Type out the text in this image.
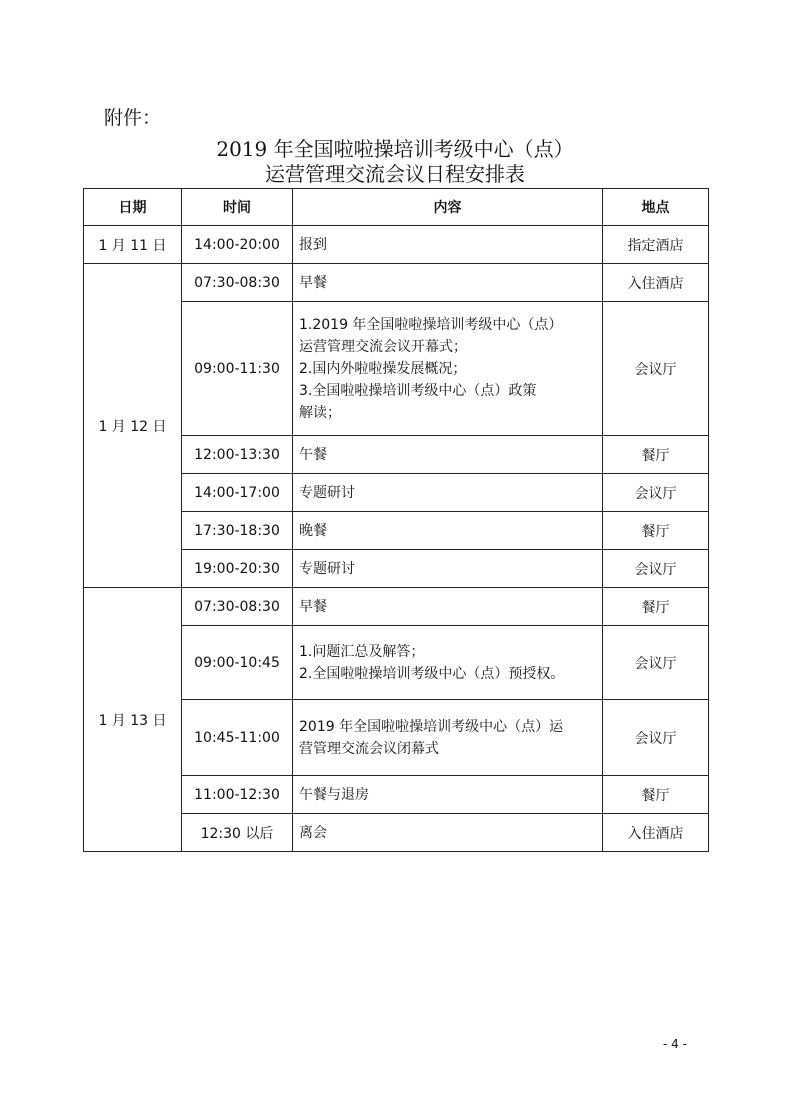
附件：
2019 年全国啦啦操培训考级中心（点）
运营管理交流会议日程安排表
日期	时间	内容	地点
1 月 11 日	14:00-20:00	报到	指定酒店
1 月 12 日	07:30-08:30	早餐	入住酒店
	09:00-11:30	1.2019 年全国啦啦操培训考级中心（点）
运营管理交流会议开幕式；
2.国内外啦啦操发展概况；
3.全国啦啦操培训考级中心（点）政策
解读；	会议厅
	12:00-13:30	午餐	餐厅
	14:00-17:00	专题研讨	会议厅
	17:30-18:30	晚餐	餐厅
	19:00-20:30	专题研讨	会议厅
1 月 13 日	07:30-08:30	早餐	餐厅
	09:00-10:45	1.问题汇总及解答；
2.全国啦啦操培训考级中心（点）预授权。	会议厅
	10:45-11:00	2019 年全国啦啦操培训考级中心（点）运
营管理交流会议闭幕式	会议厅
	11:00-12:30	午餐与退房	餐厅
	12:30 以后	离会	入住酒店
- 4 -
